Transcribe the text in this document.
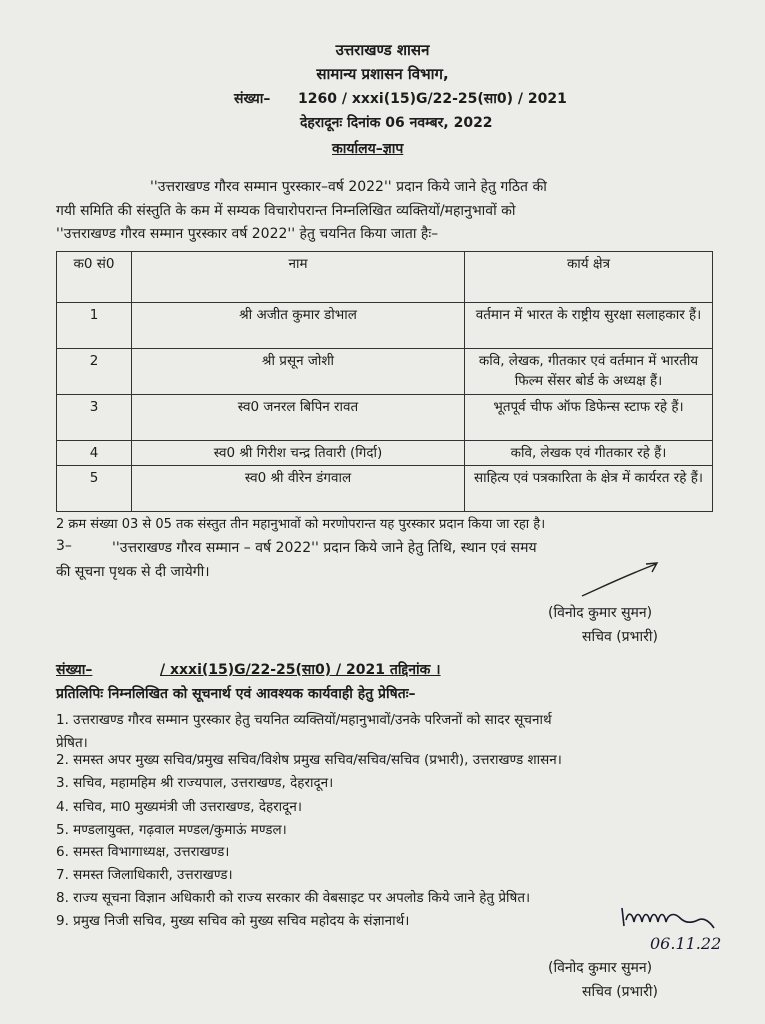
उत्तराखण्ड शासन
सामान्य प्रशासन विभाग,
संख्या– 1260 / xxxi(15)G/22-25(सा0) / 2021
देहरादूनः दिनांक 06 नवम्बर, 2022
कार्यालय–ज्ञाप
''उत्तराखण्ड गौरव सम्मान पुरस्कार–वर्ष 2022'' प्रदान किये जाने हेतु गठित की
गयी समिति की संस्तुति के कम में सम्यक विचारोपरान्त निम्नलिखित व्यक्तियों/महानुभावों को
''उत्तराखण्ड गौरव सम्मान पुरस्कार वर्ष 2022'' हेतु चयनित किया जाता हैः–
क0 सं0	नाम	कार्य क्षेत्र
1	श्री अजीत कुमार डोभाल	वर्तमान में भारत के राष्ट्रीय सुरक्षा सलाहकार हैं।
2	श्री प्रसून जोशी	कवि, लेखक, गीतकार एवं वर्तमान में भारतीय फिल्म सेंसर बोर्ड के अध्यक्ष हैं।
3	स्व0 जनरल बिपिन रावत	भूतपूर्व चीफ ऑफ डिफेन्स स्टाफ रहे हैं।
4	स्व0 श्री गिरीश चन्द्र तिवारी (गिर्दा)	कवि, लेखक एवं गीतकार रहे हैं।
5	स्व0 श्री वीरेन डंगवाल	साहित्य एवं पत्रकारिता के क्षेत्र में कार्यरत रहे हैं।
2 क्रम संख्या 03 से 05 तक संस्तुत तीन महानुभावों को मरणोपरान्त यह पुरस्कार प्रदान किया जा रहा है।
3–	''उत्तराखण्ड गौरव सम्मान – वर्ष 2022'' प्रदान किये जाने हेतु तिथि, स्थान एवं समय
की सूचना पृथक से दी जायेगी।
(विनोद कुमार सुमन)
सचिव (प्रभारी)
संख्या–	/ xxxi(15)G/22-25(सा0) / 2021 तद्दिनांक ।
प्रतिलिपिः निम्नलिखित को सूचनार्थ एवं आवश्यक कार्यवाही हेतु प्रेषितः–
1. उत्तराखण्ड गौरव सम्मान पुरस्कार हेतु चयनित व्यक्तियों/महानुभावों/उनके परिजनों को सादर सूचनार्थ
प्रेषित।
2. समस्त अपर मुख्य सचिव/प्रमुख सचिव/विशेष प्रमुख सचिव/सचिव/सचिव (प्रभारी), उत्तराखण्ड शासन।
3. सचिव, महामहिम श्री राज्यपाल, उत्तराखण्ड, देहरादून।
4. सचिव, मा0 मुख्यमंत्री जी उत्तराखण्ड, देहरादून।
5. मण्डलायुक्त, गढ़वाल मण्डल/कुमाऊं मण्डल।
6. समस्त विभागाध्यक्ष, उत्तराखण्ड।
7. समस्त जिलाधिकारी, उत्तराखण्ड।
8. राज्य सूचना विज्ञान अधिकारी को राज्य सरकार की वेबसाइट पर अपलोड किये जाने हेतु प्रेषित।
9. प्रमुख निजी सचिव, मुख्य सचिव को मुख्य सचिव महोदय के संज्ञानार्थ।
06.11.22
(विनोद कुमार सुमन)
सचिव (प्रभारी)
